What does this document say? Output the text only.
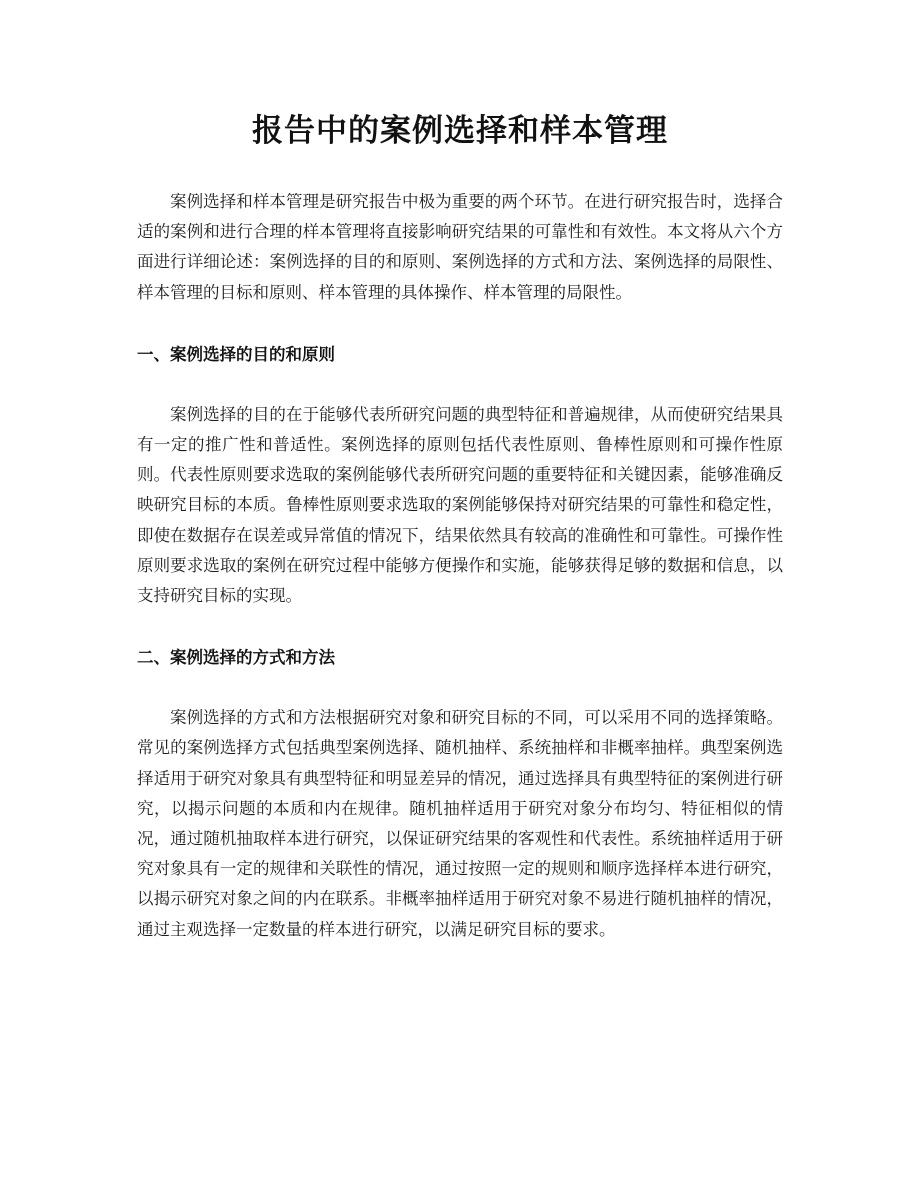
报告中的案例选择和样本管理

案例选择和样本管理是研究报告中极为重要的两个环节。在进行研究报告时，选择合适的案例和进行合理的样本管理将直接影响研究结果的可靠性和有效性。本文将从六个方面进行详细论述：案例选择的目的和原则、案例选择的方式和方法、案例选择的局限性、样本管理的目标和原则、样本管理的具体操作、样本管理的局限性。

一、案例选择的目的和原则

案例选择的目的在于能够代表所研究问题的典型特征和普遍规律，从而使研究结果具有一定的推广性和普适性。案例选择的原则包括代表性原则、鲁棒性原则和可操作性原则。代表性原则要求选取的案例能够代表所研究问题的重要特征和关键因素，能够准确反映研究目标的本质。鲁棒性原则要求选取的案例能够保持对研究结果的可靠性和稳定性，即使在数据存在误差或异常值的情况下，结果依然具有较高的准确性和可靠性。可操作性原则要求选取的案例在研究过程中能够方便操作和实施，能够获得足够的数据和信息，以支持研究目标的实现。

二、案例选择的方式和方法

案例选择的方式和方法根据研究对象和研究目标的不同，可以采用不同的选择策略。常见的案例选择方式包括典型案例选择、随机抽样、系统抽样和非概率抽样。典型案例选择适用于研究对象具有典型特征和明显差异的情况，通过选择具有典型特征的案例进行研究，以揭示问题的本质和内在规律。随机抽样适用于研究对象分布均匀、特征相似的情况，通过随机抽取样本进行研究，以保证研究结果的客观性和代表性。系统抽样适用于研究对象具有一定的规律和关联性的情况，通过按照一定的规则和顺序选择样本进行研究，以揭示研究对象之间的内在联系。非概率抽样适用于研究对象不易进行随机抽样的情况，通过主观选择一定数量的样本进行研究，以满足研究目标的要求。
